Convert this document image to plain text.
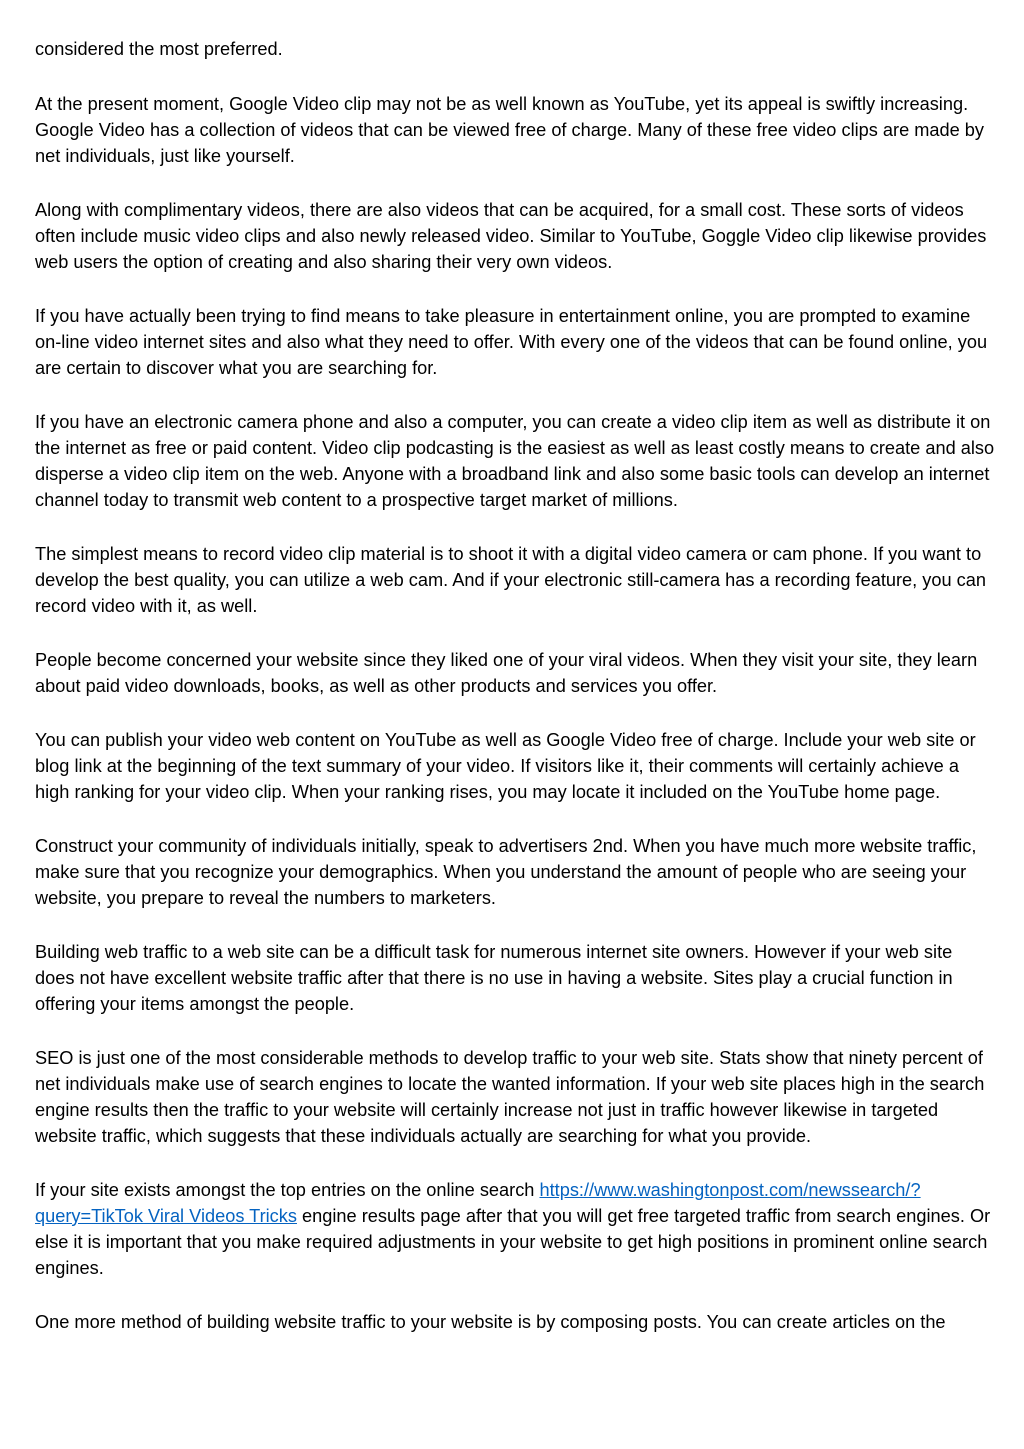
considered the most preferred.

At the present moment, Google Video clip may not be as well known as YouTube, yet its appeal is swiftly increasing. Google Video has a collection of videos that can be viewed free of charge. Many of these free video clips are made by net individuals, just like yourself.

Along with complimentary videos, there are also videos that can be acquired, for a small cost. These sorts of videos often include music video clips and also newly released video. Similar to YouTube, Goggle Video clip likewise provides web users the option of creating and also sharing their very own videos.

If you have actually been trying to find means to take pleasure in entertainment online, you are prompted to examine on-line video internet sites and also what they need to offer. With every one of the videos that can be found online, you are certain to discover what you are searching for.

If you have an electronic camera phone and also a computer, you can create a video clip item as well as distribute it on the internet as free or paid content. Video clip podcasting is the easiest as well as least costly means to create and also disperse a video clip item on the web. Anyone with a broadband link and also some basic tools can develop an internet channel today to transmit web content to a prospective target market of millions.

The simplest means to record video clip material is to shoot it with a digital video camera or cam phone. If you want to develop the best quality, you can utilize a web cam. And if your electronic still-camera has a recording feature, you can record video with it, as well.

People become concerned your website since they liked one of your viral videos. When they visit your site, they learn about paid video downloads, books, as well as other products and services you offer.

You can publish your video web content on YouTube as well as Google Video free of charge. Include your web site or blog link at the beginning of the text summary of your video. If visitors like it, their comments will certainly achieve a high ranking for your video clip. When your ranking rises, you may locate it included on the YouTube home page.

Construct your community of individuals initially, speak to advertisers 2nd. When you have much more website traffic, make sure that you recognize your demographics. When you understand the amount of people who are seeing your website, you prepare to reveal the numbers to marketers.

Building web traffic to a web site can be a difficult task for numerous internet site owners. However if your web site does not have excellent website traffic after that there is no use in having a website. Sites play a crucial function in offering your items amongst the people.

SEO is just one of the most considerable methods to develop traffic to your web site. Stats show that ninety percent of net individuals make use of search engines to locate the wanted information. If your web site places high in the search engine results then the traffic to your website will certainly increase not just in traffic however likewise in targeted website traffic, which suggests that these individuals actually are searching for what you provide.

If your site exists amongst the top entries on the online search https://www.washingtonpost.com/newssearch/?query=TikTok Viral Videos Tricks engine results page after that you will get free targeted traffic from search engines. Or else it is important that you make required adjustments in your website to get high positions in prominent online search engines.

One more method of building website traffic to your website is by composing posts. You can create articles on the
